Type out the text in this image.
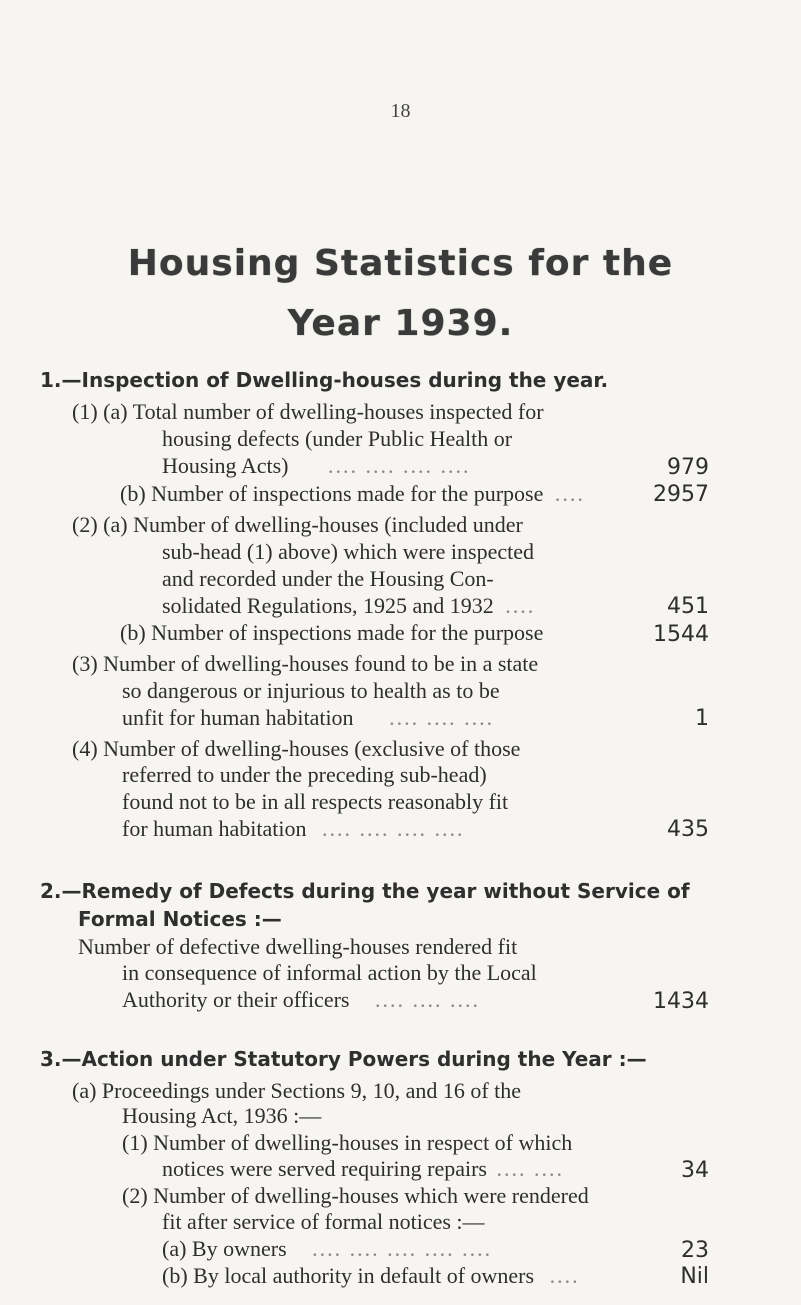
18
Housing Statistics for the
Year 1939.
1.—Inspection of Dwelling-houses during the year.
(1) (a) Total number of dwelling-houses inspected for
housing defects (under Public Health or
Housing Acts) .... .... .... ....	979
(b) Number of inspections made for the purpose ....	2957
(2) (a) Number of dwelling-houses (included under
sub-head (1) above) which were inspected
and recorded under the Housing Con-
solidated Regulations, 1925 and 1932 ....	451
(b) Number of inspections made for the purpose	1544
(3) Number of dwelling-houses found to be in a state
so dangerous or injurious to health as to be
unfit for human habitation .... .... ....	1
(4) Number of dwelling-houses (exclusive of those
referred to under the preceding sub-head)
found not to be in all respects reasonably fit
for human habitation .... .... .... ....	435
2.—Remedy of Defects during the year without Service of
Formal Notices :—
Number of defective dwelling-houses rendered fit
in consequence of informal action by the Local
Authority or their officers .... .... ....	1434
3.—Action under Statutory Powers during the Year :—
(a) Proceedings under Sections 9, 10, and 16 of the
Housing Act, 1936 :—
(1) Number of dwelling-houses in respect of which
notices were served requiring repairs .... ....	34
(2) Number of dwelling-houses which were rendered
fit after service of formal notices :—
(a) By owners .... .... .... .... ....	23
(b) By local authority in default of owners ....	Nil
